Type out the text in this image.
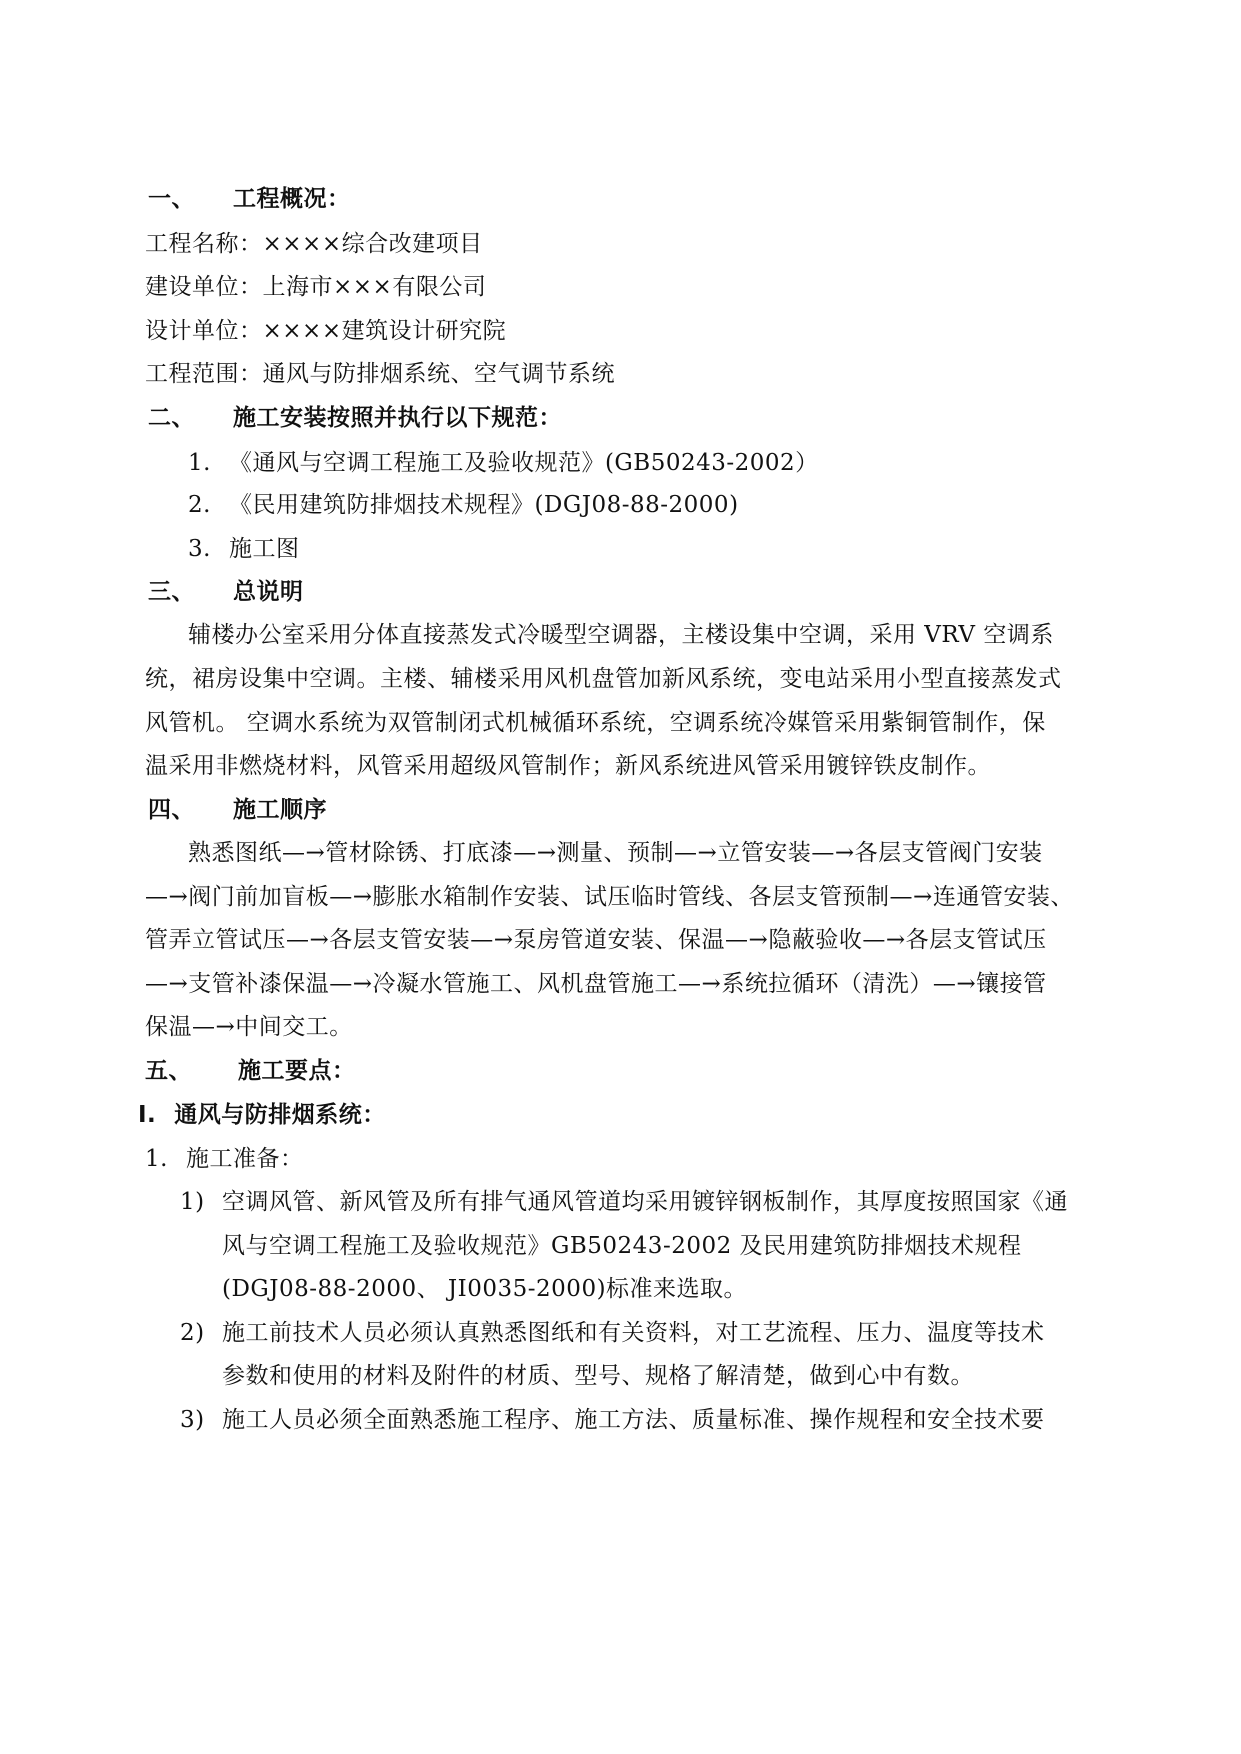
一、 工程概况：
工程名称：××××综合改建项目
建设单位：上海市×××有限公司
设计单位：××××建筑设计研究院
工程范围：通风与防排烟系统、空气调节系统
二、 施工安装按照并执行以下规范：
1. 《通风与空调工程施工及验收规范》(GB50243-2002）
2. 《民用建筑防排烟技术规程》(DGJ08-88-2000)
3. 施工图
三、 总说明
辅楼办公室采用分体直接蒸发式冷暖型空调器，主楼设集中空调，采用 VRV 空调系
统，裙房设集中空调。主楼、辅楼采用风机盘管加新风系统，变电站采用小型直接蒸发式
风管机。 空调水系统为双管制闭式机械循环系统，空调系统冷媒管采用紫铜管制作，保
温采用非燃烧材料，风管采用超级风管制作；新风系统进风管采用镀锌铁皮制作。
四、 施工顺序
熟悉图纸—→管材除锈、打底漆—→测量、预制—→立管安装—→各层支管阀门安装
—→阀门前加盲板—→膨胀水箱制作安装、试压临时管线、各层支管预制—→连通管安装、
管弄立管试压—→各层支管安装—→泵房管道安装、保温—→隐蔽验收—→各层支管试压
—→支管补漆保温—→冷凝水管施工、风机盘管施工—→系统拉循环（清洗）—→镶接管
保温—→中间交工。
五、 施工要点：
I. 通风与防排烟系统：
1. 施工准备：
1) 空调风管、新风管及所有排气通风管道均采用镀锌钢板制作，其厚度按照国家《通
风与空调工程施工及验收规范》GB50243-2002 及民用建筑防排烟技术规程
(DGJ08-88-2000、 JI0035-2000)标准来选取。
2) 施工前技术人员必须认真熟悉图纸和有关资料，对工艺流程、压力、温度等技术
参数和使用的材料及附件的材质、型号、规格了解清楚，做到心中有数。
3) 施工人员必须全面熟悉施工程序、施工方法、质量标准、操作规程和安全技术要
